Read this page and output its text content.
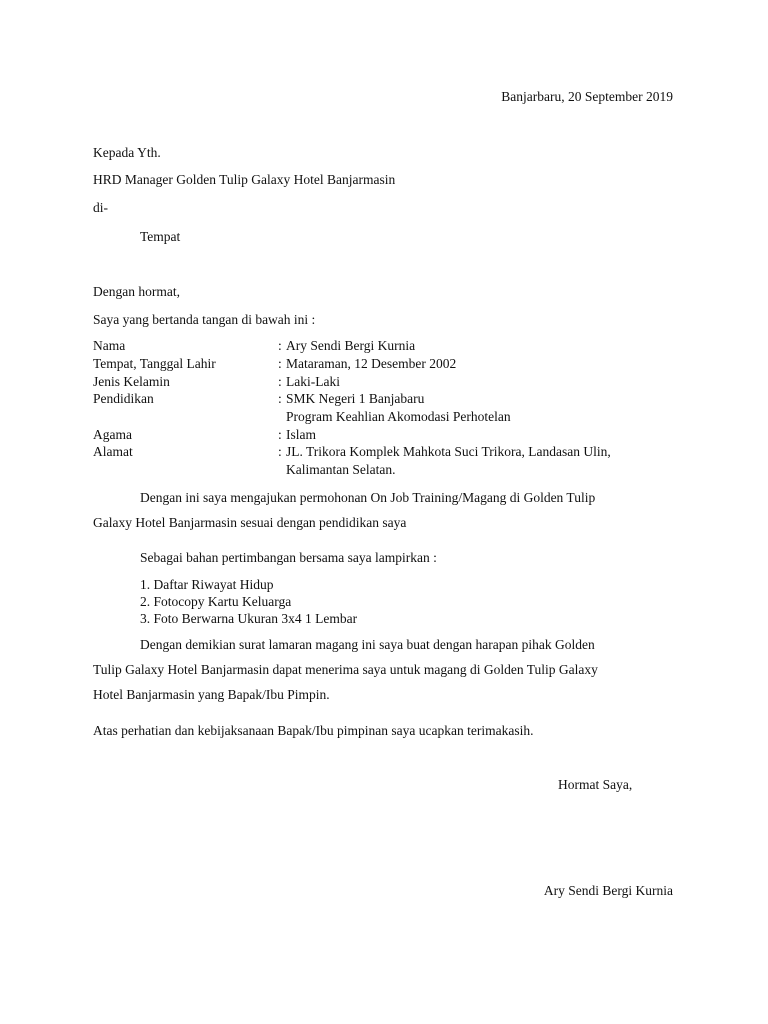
Banjarbaru, 20 September 2019
Kepada Yth.
HRD Manager Golden Tulip Galaxy Hotel Banjarmasin
di-
Tempat
Dengan hormat,
Saya yang bertanda tangan di bawah ini :
Nama	: Ary Sendi Bergi Kurnia
Tempat, Tanggal Lahir	: Mataraman, 12 Desember 2002
Jenis Kelamin	: Laki-Laki
Pendidikan	: SMK Negeri 1 Banjabaru
Program Keahlian Akomodasi Perhotelan
Agama	: Islam
Alamat	: JL. Trikora Komplek Mahkota Suci Trikora, Landasan Ulin,
Kalimantan Selatan.
Dengan ini saya mengajukan permohonan On Job Training/Magang di Golden Tulip
Galaxy Hotel Banjarmasin sesuai dengan pendidikan saya
Sebagai bahan pertimbangan bersama saya lampirkan :
1. Daftar Riwayat Hidup
2. Fotocopy Kartu Keluarga
3. Foto Berwarna Ukuran 3x4 1 Lembar
Dengan demikian surat lamaran magang ini saya buat dengan harapan pihak Golden
Tulip Galaxy Hotel Banjarmasin dapat menerima saya untuk magang di Golden Tulip Galaxy
Hotel Banjarmasin yang Bapak/Ibu Pimpin.
Atas perhatian dan kebijaksanaan Bapak/Ibu pimpinan saya ucapkan terimakasih.
Hormat Saya,
Ary Sendi Bergi Kurnia
